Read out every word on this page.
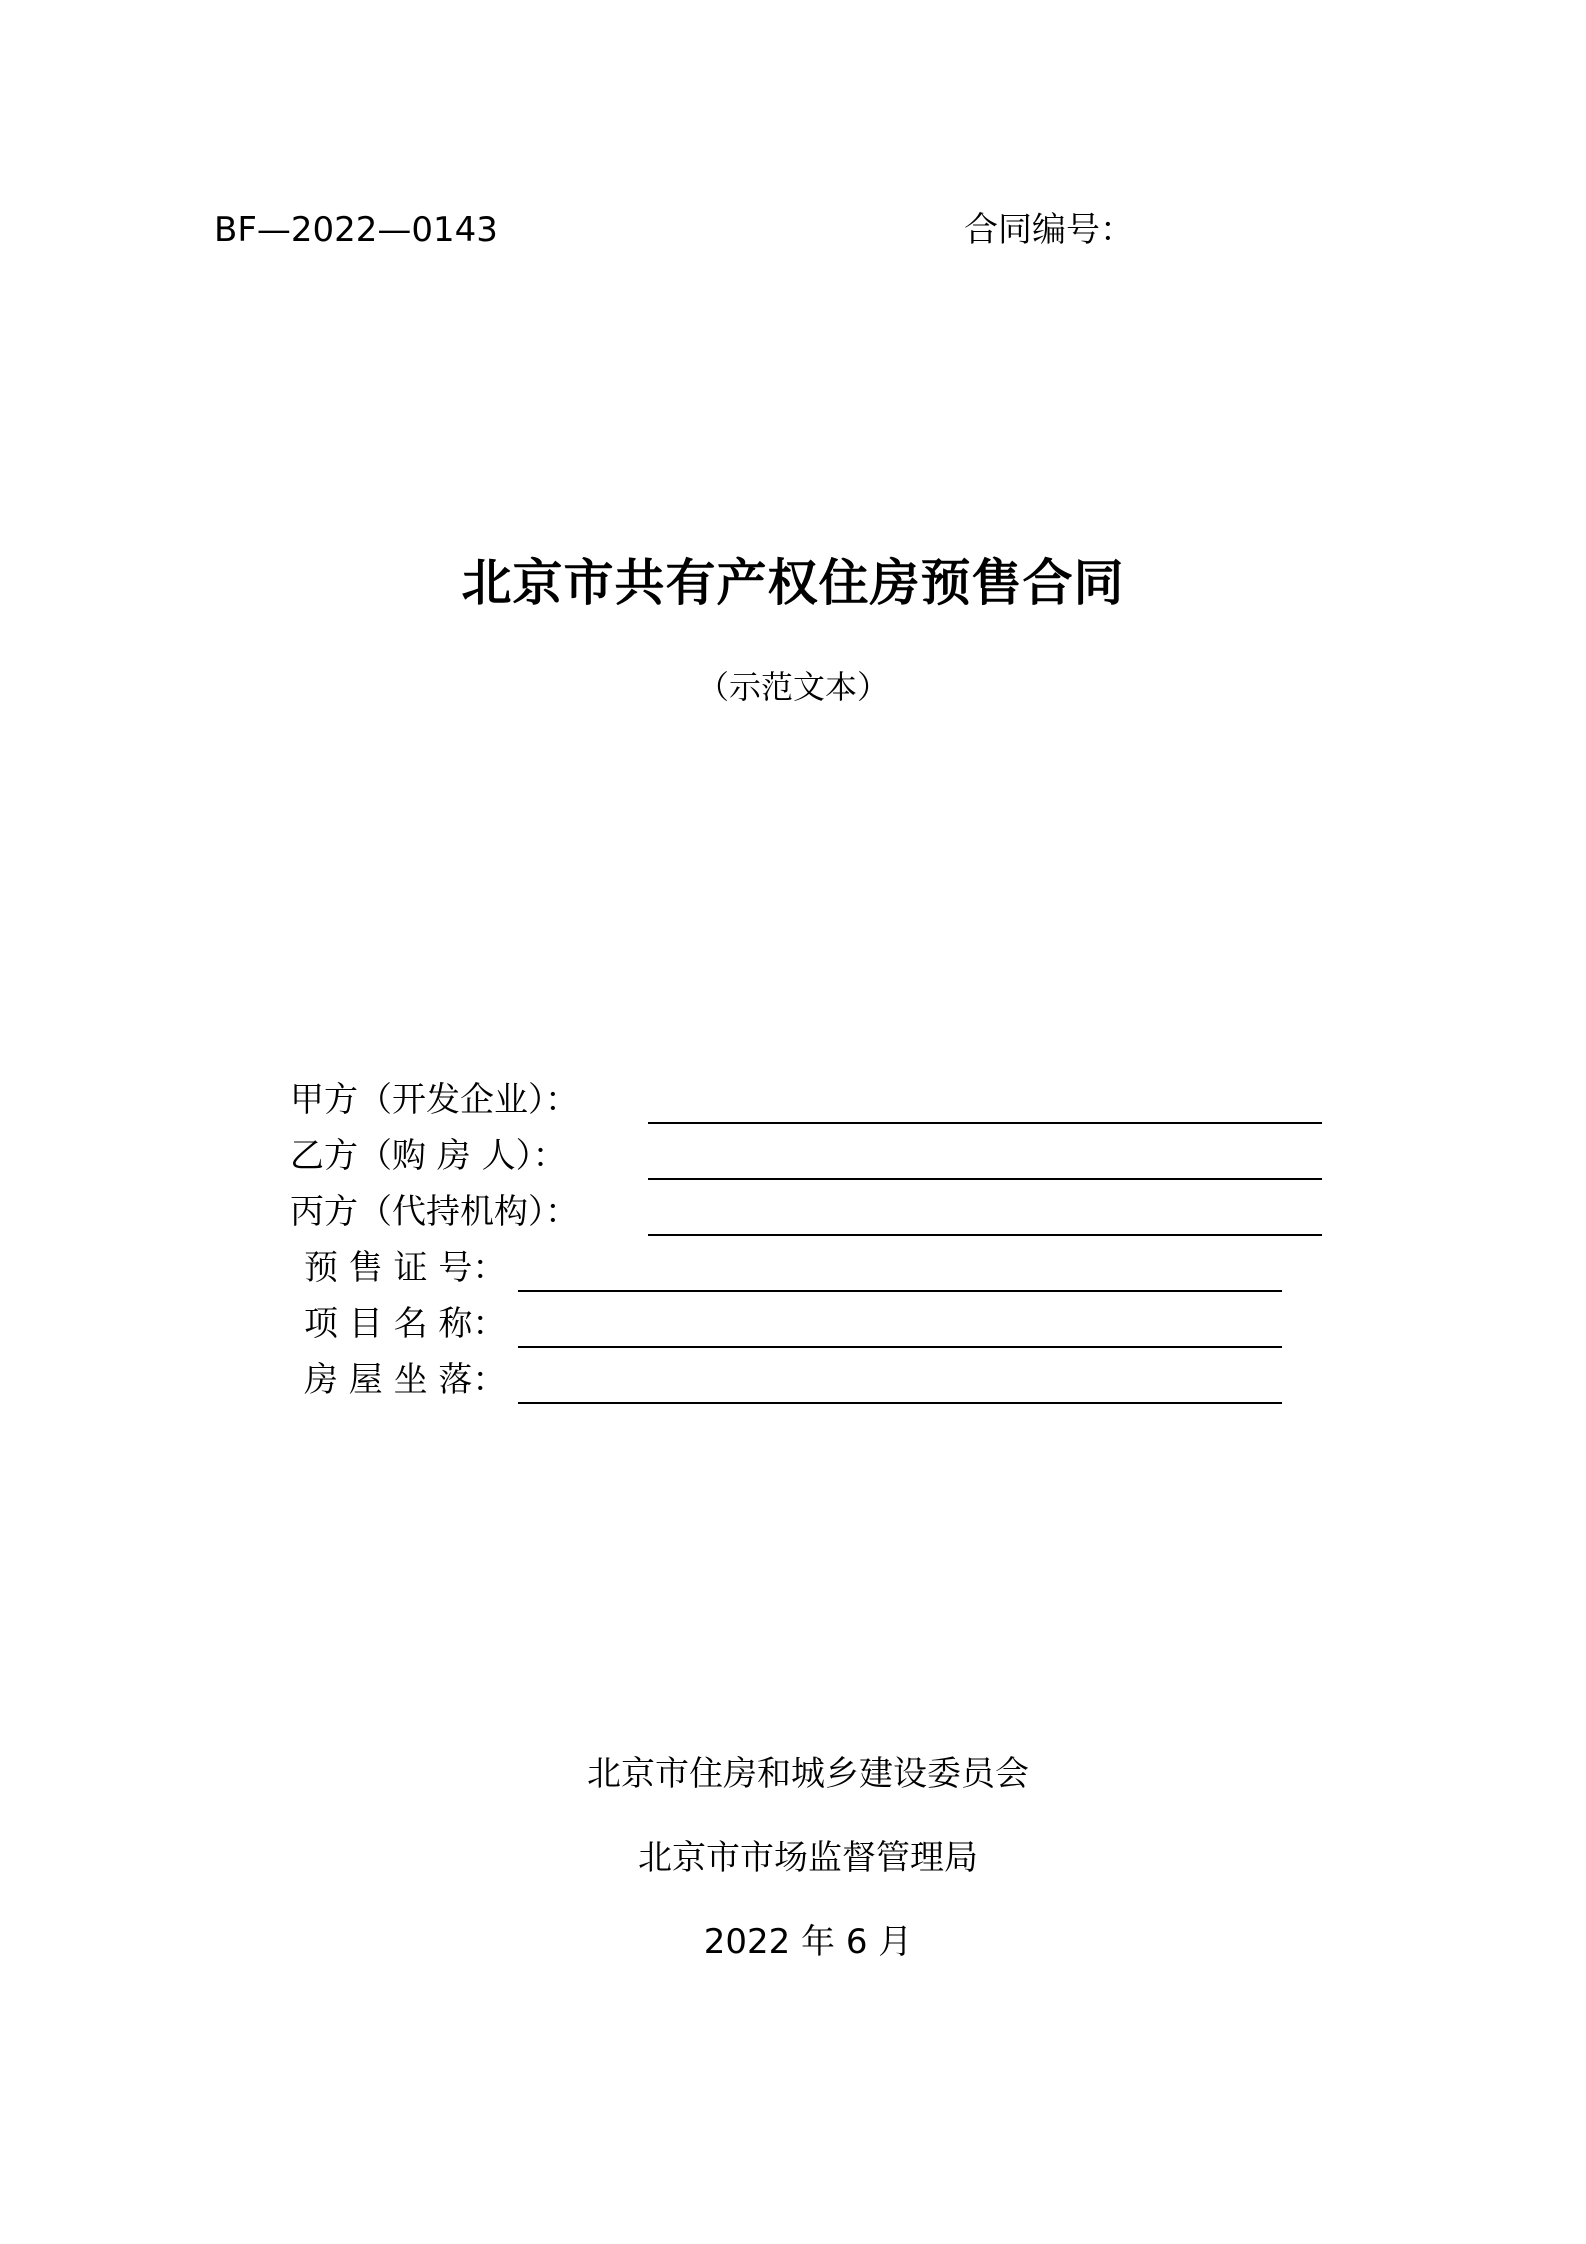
BF—2022—0143	合同编号：
北京市共有产权住房预售合同
（示范文本）
甲方（开发企业）：
乙方（购 房 人）：
丙方（代持机构）：
预 售 证 号：
项 目 名 称：
房 屋 坐 落：
北京市住房和城乡建设委员会
北京市市场监督管理局
2022 年 6 月
